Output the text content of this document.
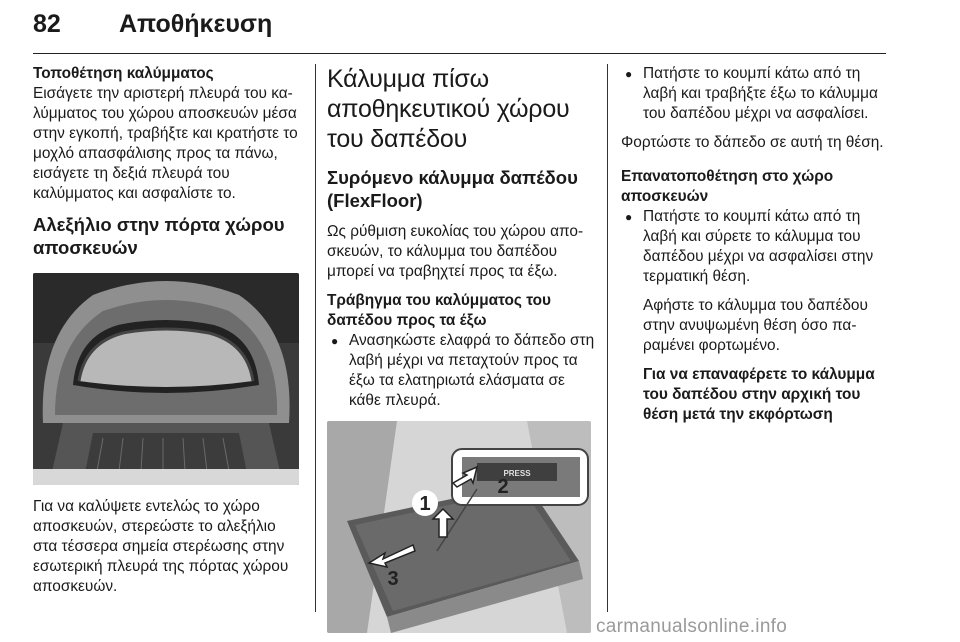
82 Αποθήκευση

Τοποθέτηση καλύμματος

Εισάγετε την αριστερή πλευρά του καλύμματος του χώρου αποσκευών μέσα στην εγκοπή, τραβήξτε και κρατήστε το μοχλό απασφάλισης προς τα πάνω, εισάγετε τη δεξιά πλευρά του καλύμματος και ασφαλίστε το.

Αλεξήλιο στην πόρτα χώρου αποσκευών

Για να καλύψετε εντελώς το χώρο αποσκευών, στερεώστε το αλεξήλιο στα τέσσερα σημεία στερέωσης στην εσωτερική πλευρά της πόρτας χώρου αποσκευών.

Κάλυμμα πίσω αποθηκευτικού χώρου του δαπέδου
Συρόμενο κάλυμμα δαπέδου (FlexFloor)

Ως ρύθμιση ευκολίας του χώρου αποσκευών, το κάλυμμα του δαπέδου μπορεί να τραβηχτεί προς τα έξω.

Τράβηγμα του καλύμματος του δαπέδου προς τα έξω

● Ανασηκώστε ελαφρά το δάπεδο στη λαβή μέχρι να πεταχτούν προς τα έξω τα ελατηριωτά ελάσματα σε κάθε πλευρά.

PRESS
1
2
3

● Πατήστε το κουμπί κάτω από τη λαβή και τραβήξτε έξω το κάλυμμα του δαπέδου μέχρι να ασφαλίσει.

Φορτώστε το δάπεδο σε αυτή τη θέση.

Επανατοποθέτηση στο χώρο αποσκευών

● Πατήστε το κουμπί κάτω από τη λαβή και σύρετε το κάλυμμα του δαπέδου μέχρι να ασφαλίσει στην τερματική θέση.

Αφήστε το κάλυμμα του δαπέδου στην ανυψωμένη θέση όσο παραμένει φορτωμένο.

Για να επαναφέρετε το κάλυμμα του δαπέδου στην αρχική του θέση μετά την εκφόρτωση

carmanualsonline.info
